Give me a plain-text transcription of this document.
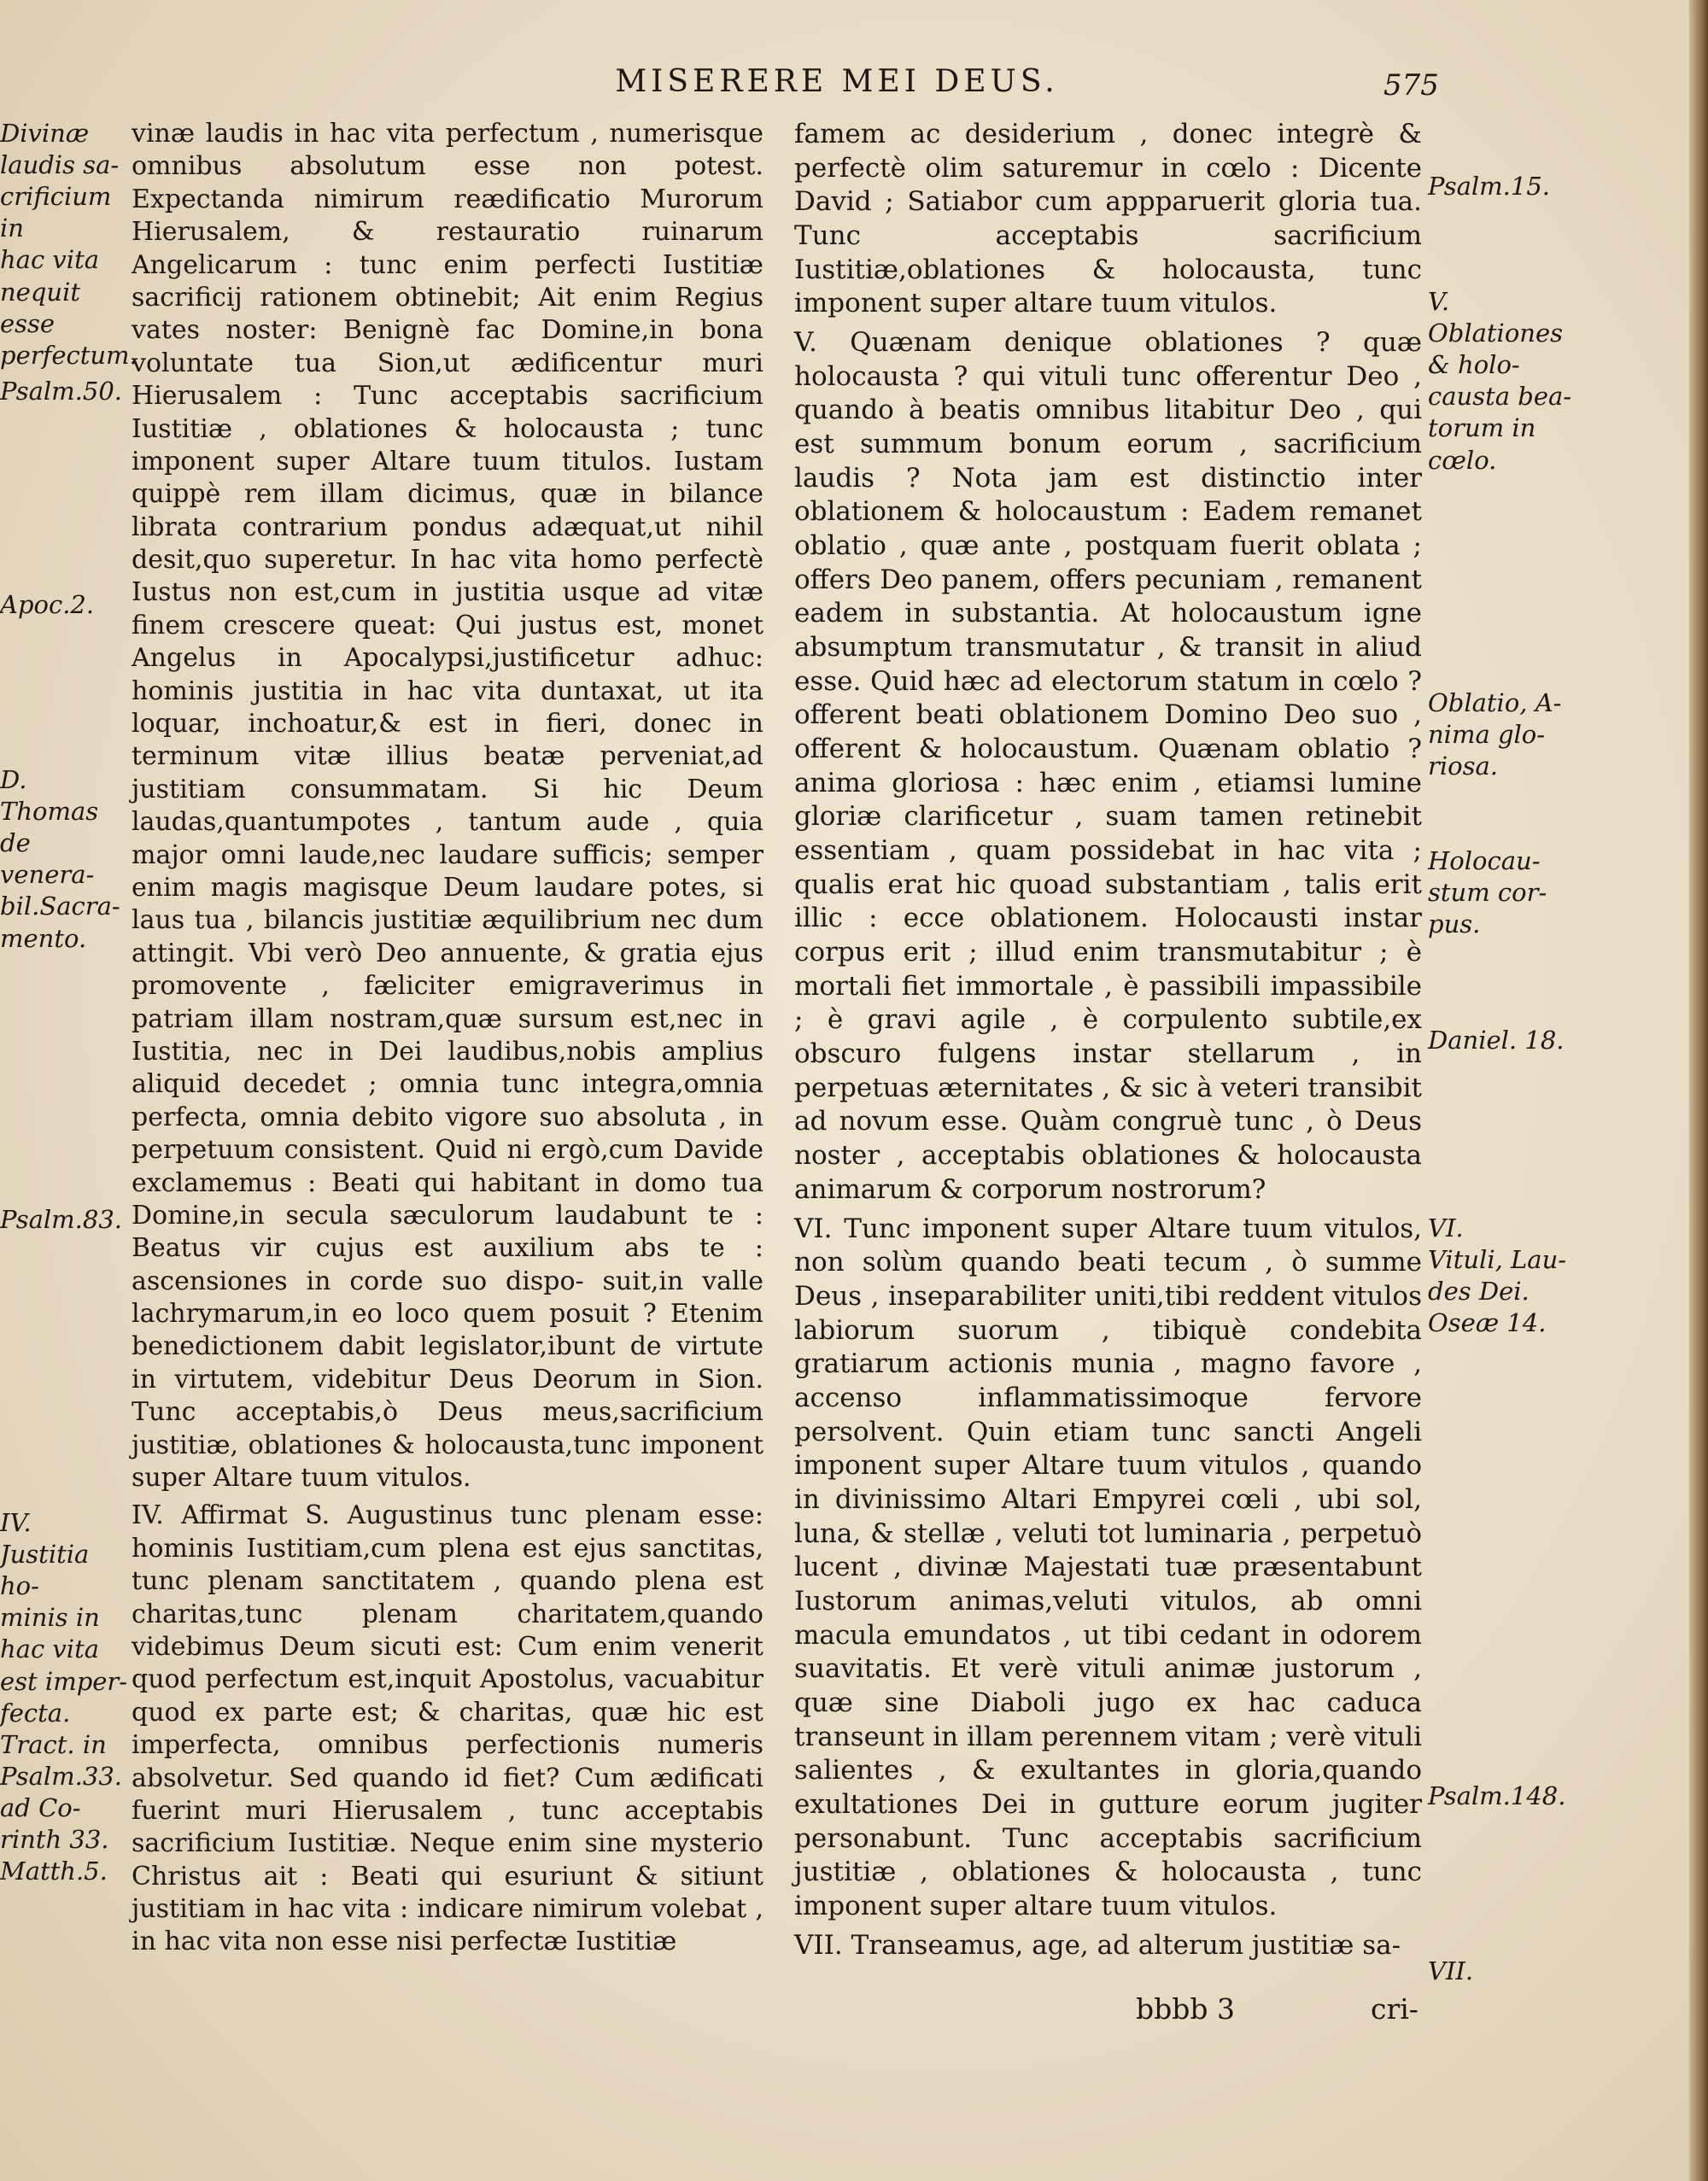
MISERERE MEI DEUS.	575
Divinæ
laudis sa-
crificium in
hac vita
nequit esse
perfectum.
Psalm.50.
Apoc.2.
D. Thomas
de venera-
bil.Sacra-
mento.
Psalm.83.
IV.
Justitia ho-
minis in
hac vita
est imper-
fecta.
Tract. in
Psalm.33.
ad Co-
rinth 33.
Matth.5.

vinæ laudis in hac vita perfectum , numerisque omnibus absolutum esse non potest. Expectanda nimirum reædificatio Murorum Hierusalem, & restauratio ruinarum Angelicarum : tunc enim perfecti Iustitiæ sacrificij rationem obtinebit; Ait enim Regius vates noster: Benignè fac Domine,in bona voluntate tua Sion,ut ædificentur muri Hierusalem : Tunc acceptabis sacrificium Iustitiæ , oblationes & holocausta ; tunc imponent super Altare tuum titulos. Iustam quippè rem illam dicimus, quæ in bilance librata contrarium pondus adæquat,ut nihil desit,quo superetur. In hac vita homo perfectè Iustus non est,cum in justitia usque ad vitæ finem crescere queat: Qui justus est, monet Angelus in Apocalypsi,justificetur adhuc: hominis justitia in hac vita duntaxat, ut ita loquar, inchoatur,& est in fieri, donec in terminum vitæ illius beatæ perveniat,ad justitiam consummatam. Si hic Deum laudas,quantumpotes , tantum aude , quia major omni laude,nec laudare sufficis; semper enim magis magisque Deum laudare potes, si laus tua , bilancis justitiæ æquilibrium nec dum attingit. Vbi verò Deo annuente, & gratia ejus promovente , fæliciter emigraverimus in patriam illam nostram,quæ sursum est,nec in Iustitia, nec in Dei laudibus,nobis amplius aliquid decedet ; omnia tunc integra,omnia perfecta, omnia debito vigore suo absoluta , in perpetuum consistent. Quid ni ergò,cum Davide exclamemus : Beati qui habitant in domo tua Domine,in secula sæculorum laudabunt te : Beatus vir cujus est auxilium abs te : ascensiones in corde suo dispo- suit,in valle lachrymarum,in eo loco quem posuit ? Etenim benedictionem dabit legislator,ibunt de virtute in virtutem, videbitur Deus Deorum in Sion. Tunc acceptabis,ò Deus meus,sacrificium justitiæ, oblationes & holocausta,tunc imponent super Altare tuum vitulos.

IV. Affirmat S. Augustinus tunc plenam esse: hominis Iustitiam,cum plena est ejus sanctitas, tunc plenam sanctitatem , quando plena est charitas,tunc plenam charitatem,quando videbimus Deum sicuti est: Cum enim venerit quod perfectum est,inquit Apostolus, vacuabitur quod ex parte est; & charitas, quæ hic est imperfecta, omnibus perfectionis numeris absolvetur. Sed quando id fiet? Cum ædificati fuerint muri Hierusalem , tunc acceptabis sacrificium Iustitiæ. Neque enim sine mysterio Christus ait : Beati qui esuriunt & sitiunt justitiam in hac vita : indicare nimirum volebat , in hac vita non esse nisi perfectæ Iustitiæ

famem ac desiderium , donec integrè & perfectè olim saturemur in cœlo : Dicente David ; Satiabor cum appparuerit gloria tua. Tunc acceptabis sacrificium Iustitiæ,oblationes & holocausta, tunc imponent super altare tuum vitulos.

V. Quænam denique oblationes ? quæ holocausta ? qui vituli tunc offerentur Deo , quando à beatis omnibus litabitur Deo , qui est summum bonum eorum , sacrificium laudis ? Nota jam est distinctio inter oblationem & holocaustum : Eadem remanet oblatio , quæ ante , postquam fuerit oblata ; offers Deo panem, offers pecuniam , remanent eadem in substantia. At holocaustum igne absumptum transmutatur , & transit in aliud esse. Quid hæc ad electorum statum in cœlo ? offerent beati oblationem Domino Deo suo , offerent & holocaustum. Quænam oblatio ? anima gloriosa : hæc enim , etiamsi lumine gloriæ clarificetur , suam tamen retinebit essentiam , quam possidebat in hac vita ; qualis erat hic quoad substantiam , talis erit illic : ecce oblationem. Holocausti instar corpus erit ; illud enim transmutabitur ; è mortali fiet immortale , è passibili impassibile ; è gravi agile , è corpulento subtile,ex obscuro fulgens instar stellarum , in perpetuas æternitates , & sic à veteri transibit ad novum esse. Quàm congruè tunc , ò Deus noster , acceptabis oblationes & holocausta animarum & corporum nostrorum?

VI. Tunc imponent super Altare tuum vitulos, non solùm quando beati tecum , ò summe Deus , inseparabiliter uniti,tibi reddent vitulos labiorum suorum , tibiquè condebita gratiarum actionis munia , magno favore , accenso inflammatissimoque fervore persolvent. Quin etiam tunc sancti Angeli imponent super Altare tuum vitulos , quando in divinissimo Altari Empyrei cœli , ubi sol, luna, & stellæ , veluti tot luminaria , perpetuò lucent , divinæ Majestati tuæ præsentabunt Iustorum animas,veluti vitulos, ab omni macula emundatos , ut tibi cedant in odorem suavitatis. Et verè vituli animæ justorum , quæ sine Diaboli jugo ex hac caduca transeunt in illam perennem vitam ; verè vituli salientes , & exultantes in gloria,quando exultationes Dei in gutture eorum jugiter personabunt. Tunc acceptabis sacrificium justitiæ , oblationes & holocausta , tunc imponent super altare tuum vitulos.

VII. Transeamus, age, ad alterum justitiæ sa-

Psalm.15.
V.
Oblationes
& holo-
causta bea-
torum in
cœlo.
Oblatio, A-
nima glo-
riosa.
Holocau-
stum cor-
pus.
Daniel. 18.
VI.
Vituli, Lau-
des Dei.
Oseæ 14.
Psalm.148.
VII.
bbbb 3	cri-
